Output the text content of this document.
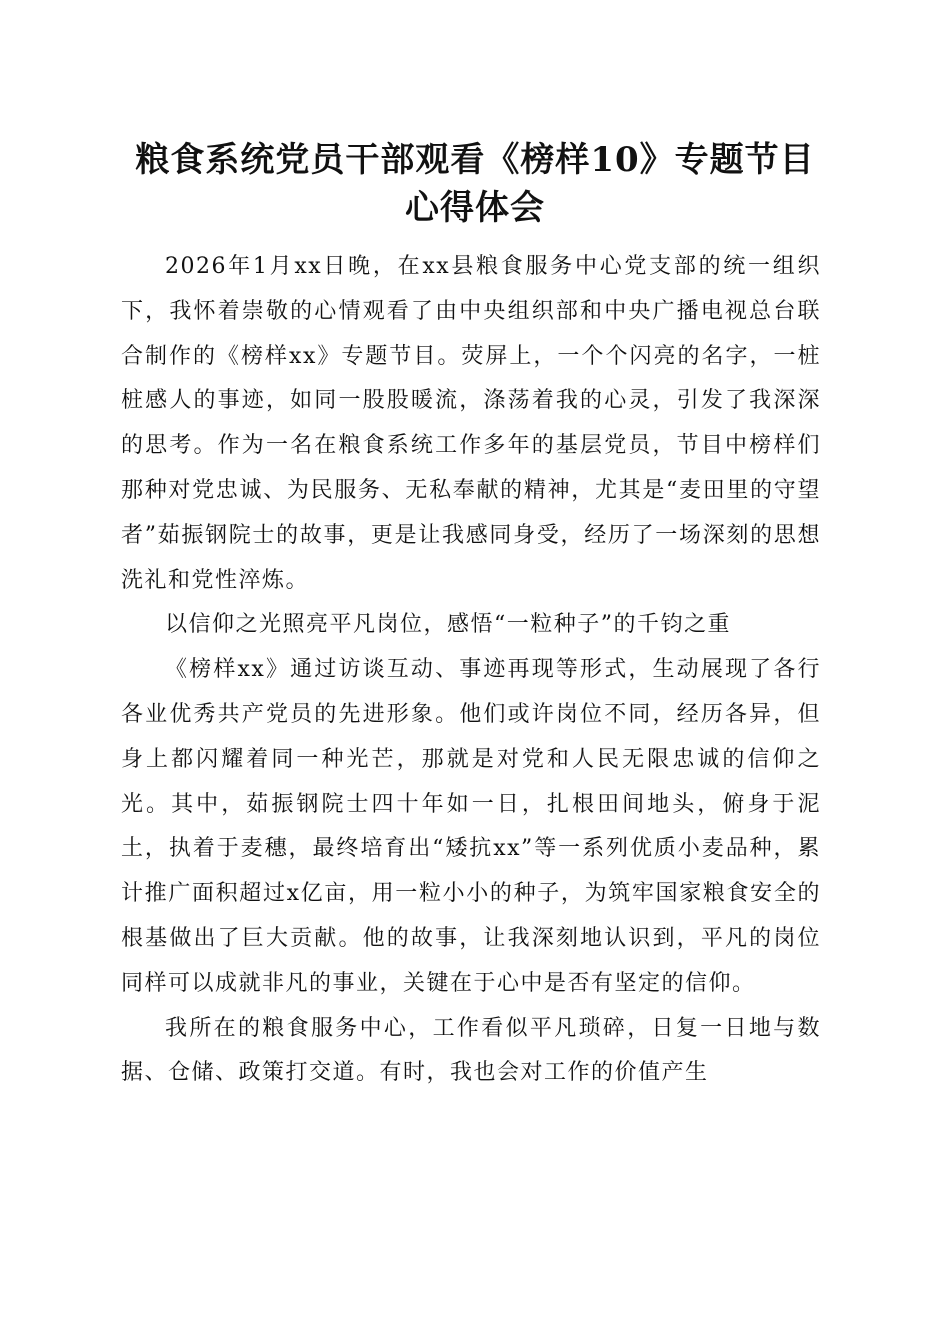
粮食系统党员干部观看《榜样10》专题节目
心得体会

2026年1月xx日晚，在xx县粮食服务中心党支部的统一组织下，我怀着崇敬的心情观看了由中央组织部和中央广播电视总台联合制作的《榜样xx》专题节目。荧屏上，一个个闪亮的名字，一桩桩感人的事迹，如同一股股暖流，涤荡着我的心灵，引发了我深深的思考。作为一名在粮食系统工作多年的基层党员，节目中榜样们那种对党忠诚、为民服务、无私奉献的精神，尤其是“麦田里的守望者”茹振钢院士的故事，更是让我感同身受，经历了一场深刻的思想洗礼和党性淬炼。

以信仰之光照亮平凡岗位，感悟“一粒种子”的千钧之重

《榜样xx》通过访谈互动、事迹再现等形式，生动展现了各行各业优秀共产党员的先进形象。他们或许岗位不同，经历各异，但身上都闪耀着同一种光芒，那就是对党和人民无限忠诚的信仰之光。其中，茹振钢院士四十年如一日，扎根田间地头，俯身于泥土，执着于麦穗，最终培育出“矮抗xx”等一系列优质小麦品种，累计推广面积超过x亿亩，用一粒小小的种子，为筑牢国家粮食安全的根基做出了巨大贡献。他的故事，让我深刻地认识到，平凡的岗位同样可以成就非凡的事业，关键在于心中是否有坚定的信仰。

我所在的粮食服务中心，工作看似平凡琐碎，日复一日地与数据、仓储、政策打交道。有时，我也会对工作的价值产生
